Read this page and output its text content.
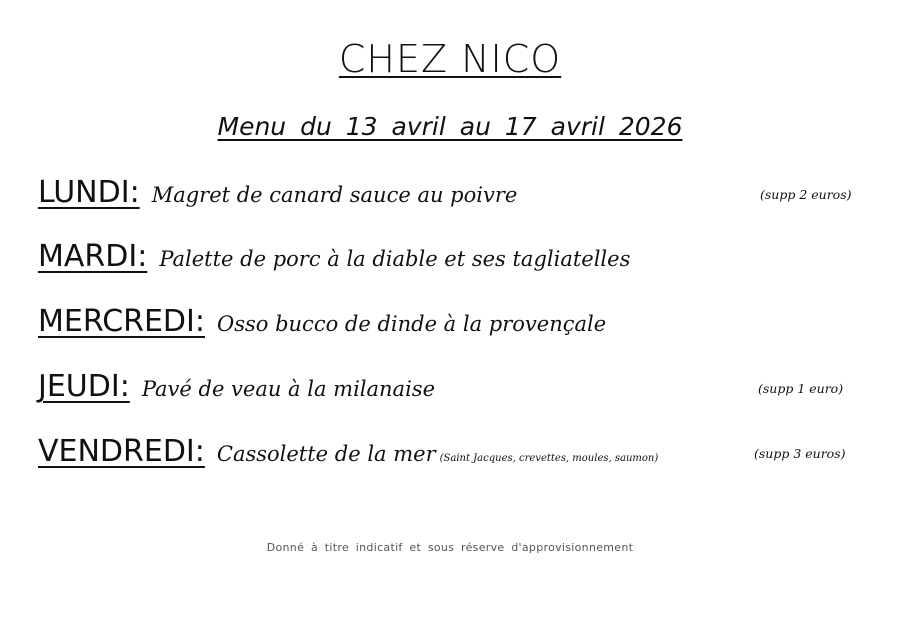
CHEZ NICO
Menu du 13 avril au 17 avril 2026
LUNDI: Magret de canard sauce au poivre	(supp 2 euros)
MARDI: Palette de porc à la diable et ses tagliatelles
MERCREDI: Osso bucco de dinde à la provençale
JEUDI: Pavé de veau à la milanaise	(supp 1 euro)
VENDREDI: Cassolette de la mer (Saint Jacques, crevettes, moules, saumon)	(supp 3 euros)
Donné à titre indicatif et sous réserve d'approvisionnement
